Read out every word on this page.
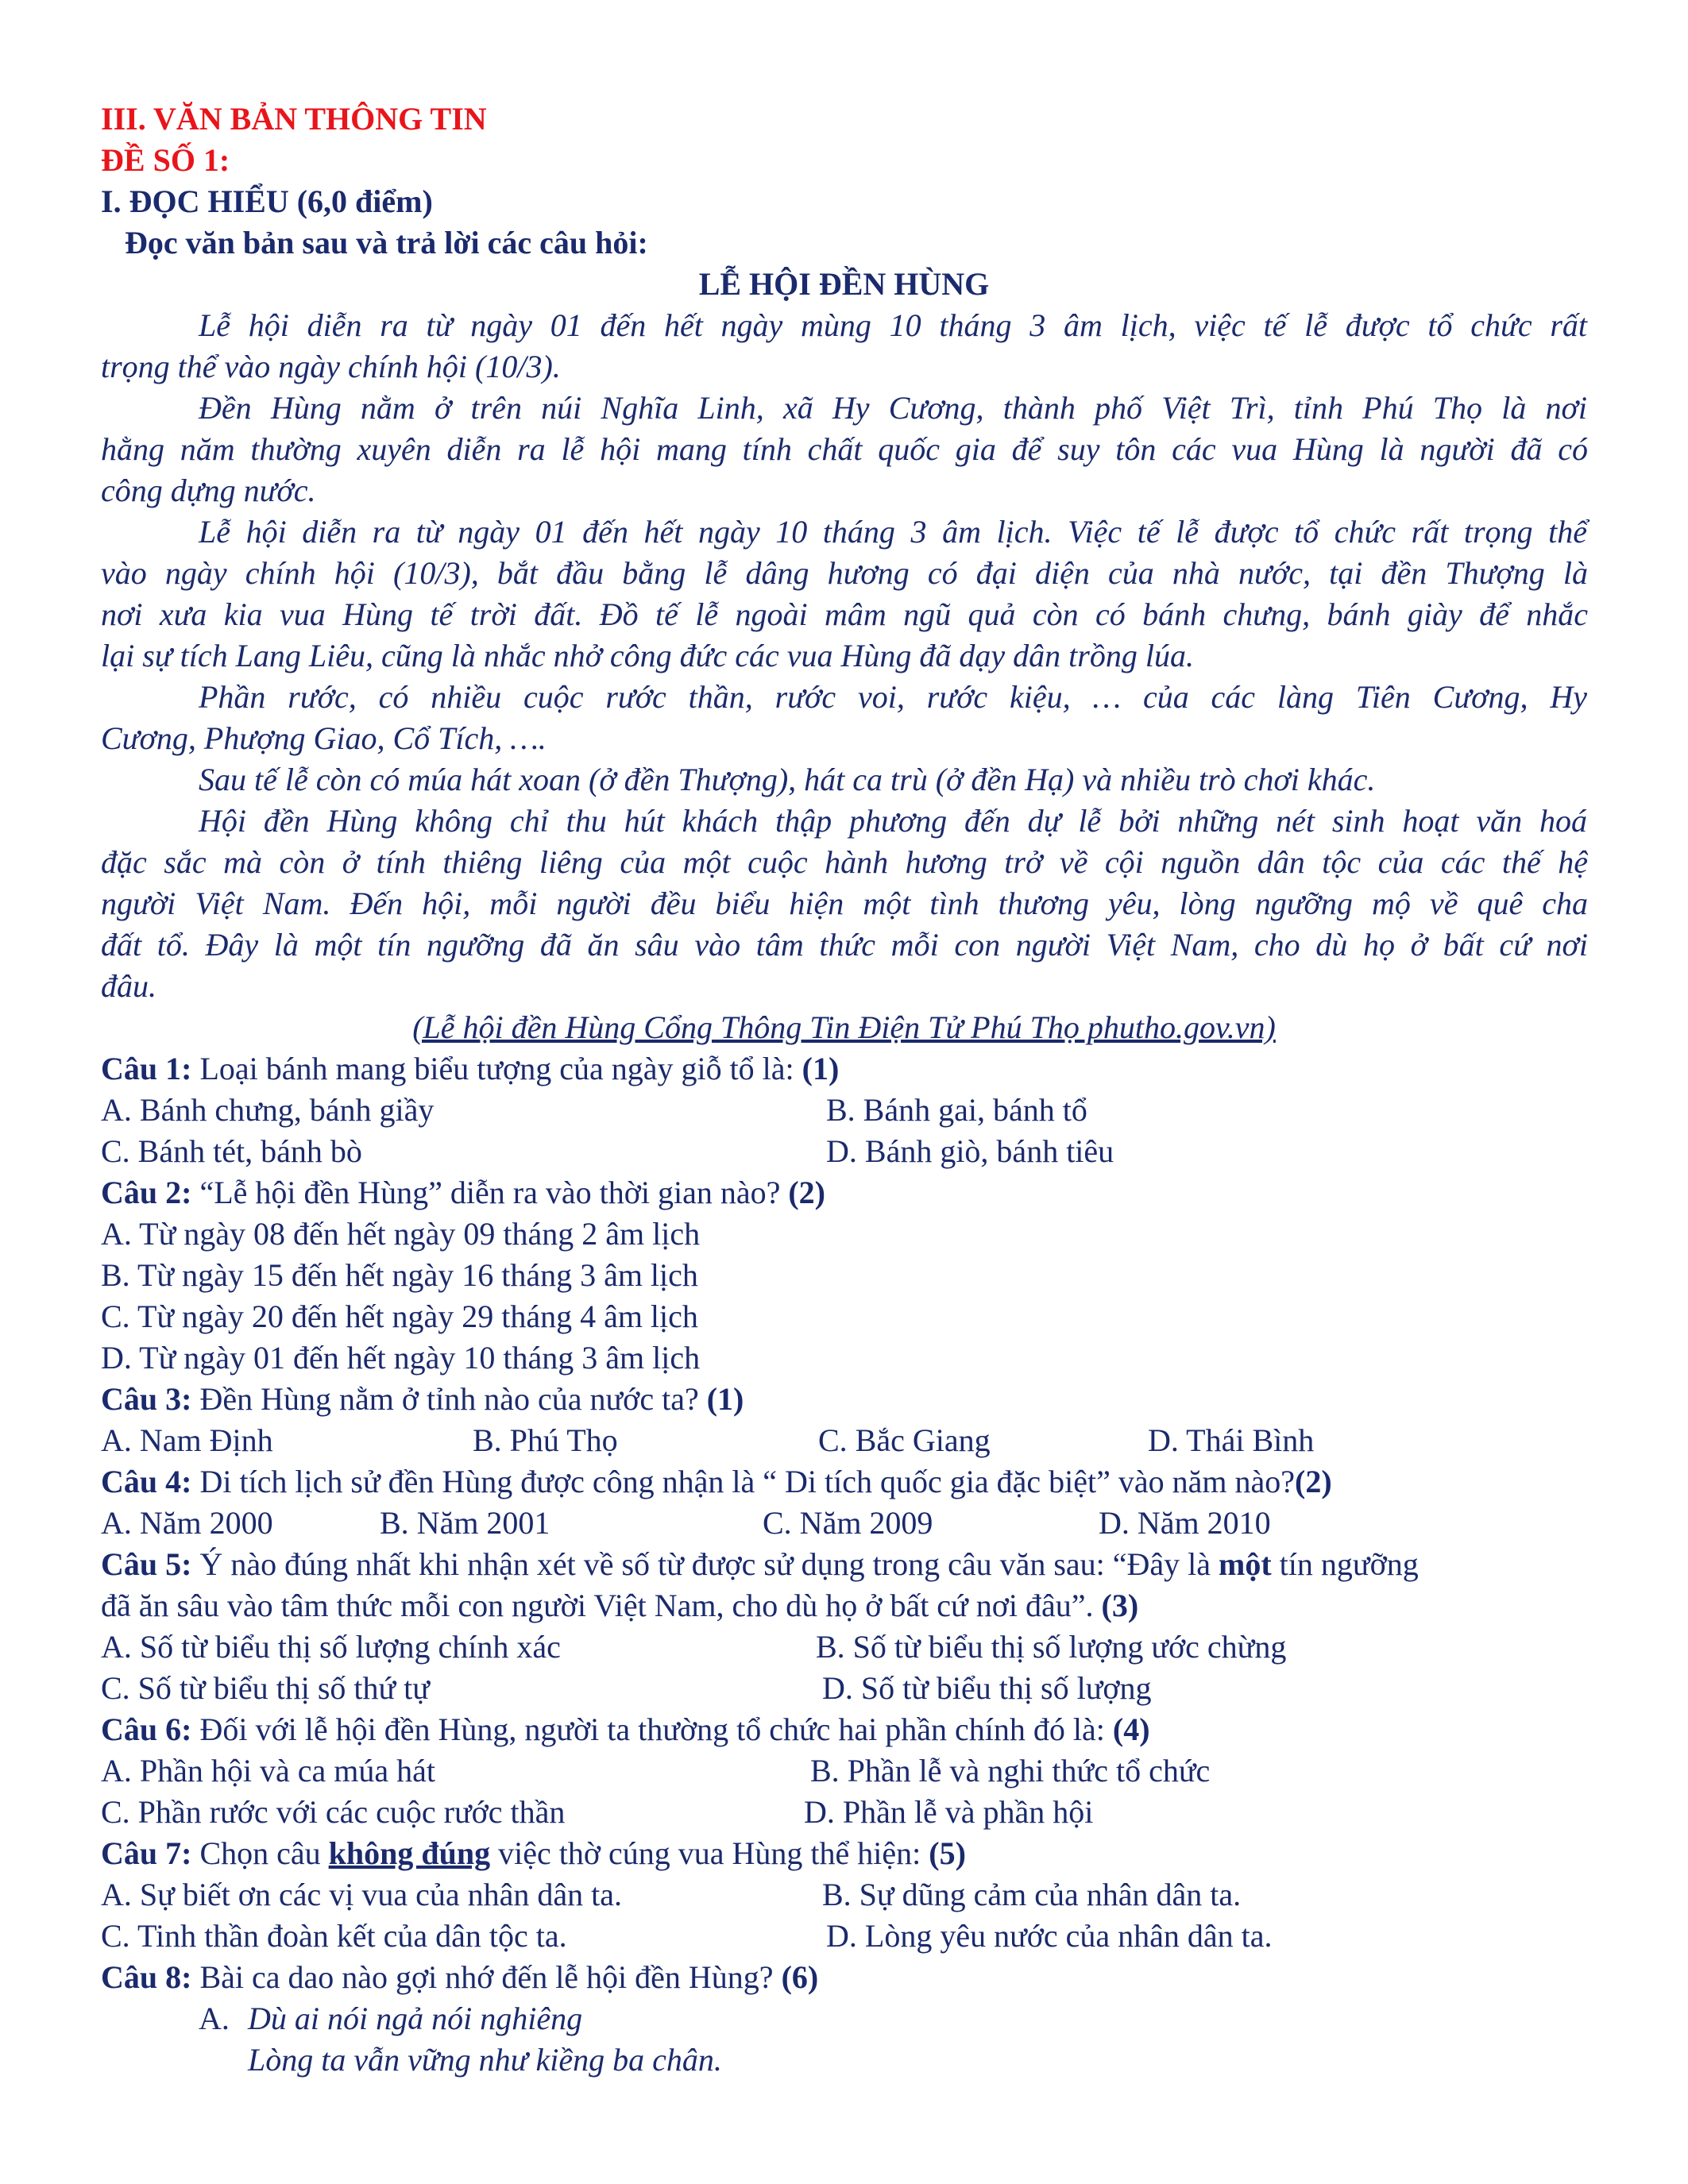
III. VĂN BẢN THÔNG TIN
ĐỀ SỐ 1:
I. ĐỌC HIỂU (6,0 điểm)
Đọc văn bản sau và trả lời các câu hỏi:
LỄ HỘI ĐỀN HÙNG
Lễ hội diễn ra từ ngày 01 đến hết ngày mùng 10 tháng 3 âm lịch, việc tế lễ được tổ chức rất
trọng thể vào ngày chính hội (10/3).
Đền Hùng nằm ở trên núi Nghĩa Linh, xã Hy Cương, thành phố Việt Trì, tỉnh Phú Thọ là nơi
hằng năm thường xuyên diễn ra lễ hội mang tính chất quốc gia để suy tôn các vua Hùng là người đã có
công dựng nước.
Lễ hội diễn ra từ ngày 01 đến hết ngày 10 tháng 3 âm lịch. Việc tế lễ được tổ chức rất trọng thể
vào ngày chính hội (10/3), bắt đầu bằng lễ dâng hương có đại diện của nhà nước, tại đền Thượng là
nơi xưa kia vua Hùng tế trời đất. Đồ tế lễ ngoài mâm ngũ quả còn có bánh chưng, bánh giày để nhắc
lại sự tích Lang Liêu, cũng là nhắc nhở công đức các vua Hùng đã dạy dân trồng lúa.
Phần rước, có nhiều cuộc rước thần, rước voi, rước kiệu, … của các làng Tiên Cương, Hy
Cương, Phượng Giao, Cổ Tích, ….
Sau tế lễ còn có múa hát xoan (ở đền Thượng), hát ca trù (ở đền Hạ) và nhiều trò chơi khác.
Hội đền Hùng không chỉ thu hút khách thập phương đến dự lễ bởi những nét sinh hoạt văn hoá
đặc sắc mà còn ở tính thiêng liêng của một cuộc hành hương trở về cội nguồn dân tộc của các thế hệ
người Việt Nam. Đến hội, mỗi người đều biểu hiện một tình thương yêu, lòng ngưỡng mộ về quê cha
đất tổ. Đây là một tín ngưỡng đã ăn sâu vào tâm thức mỗi con người Việt Nam, cho dù họ ở bất cứ nơi
đâu.
(Lễ hội đền Hùng Cổng Thông Tin Điện Tử Phú Thọ phutho.gov.vn)
Câu 1: Loại bánh mang biểu tượng của ngày giỗ tổ là: (1)
A. Bánh chưng, bánh giầy	B. Bánh gai, bánh tổ
C. Bánh tét, bánh bò	D. Bánh giò, bánh tiêu
Câu 2: “Lễ hội đền Hùng” diễn ra vào thời gian nào? (2)
A. Từ ngày 08 đến hết ngày 09 tháng 2 âm lịch
B. Từ ngày 15 đến hết ngày 16 tháng 3 âm lịch
C. Từ ngày 20 đến hết ngày 29 tháng 4 âm lịch
D. Từ ngày 01 đến hết ngày 10 tháng 3 âm lịch
Câu 3: Đền Hùng nằm ở tỉnh nào của nước ta? (1)
A. Nam Định	B. Phú Thọ	C. Bắc Giang	D. Thái Bình
Câu 4: Di tích lịch sử đền Hùng được công nhận là “ Di tích quốc gia đặc biệt” vào năm nào?(2)
A. Năm 2000	B. Năm 2001	C. Năm 2009	D. Năm 2010
Câu 5: Ý nào đúng nhất khi nhận xét về số từ được sử dụng trong câu văn sau: “Đây là một tín ngưỡng
đã ăn sâu vào tâm thức mỗi con người Việt Nam, cho dù họ ở bất cứ nơi đâu”. (3)
A. Số từ biểu thị số lượng chính xác	B. Số từ biểu thị số lượng ước chừng
C. Số từ biểu thị số thứ tự	D. Số từ biểu thị số lượng
Câu 6: Đối với lễ hội đền Hùng, người ta thường tổ chức hai phần chính đó là: (4)
A. Phần hội và ca múa hát	B. Phần lễ và nghi thức tổ chức
C. Phần rước với các cuộc rước thần	D. Phần lễ và phần hội
Câu 7: Chọn câu không đúng việc thờ cúng vua Hùng thể hiện: (5)
A. Sự biết ơn các vị vua của nhân dân ta.	B. Sự dũng cảm của nhân dân ta.
C. Tinh thần đoàn kết của dân tộc ta.	D. Lòng yêu nước của nhân dân ta.
Câu 8: Bài ca dao nào gợi nhớ đến lễ hội đền Hùng? (6)
A. Dù ai nói ngả nói nghiêng
Lòng ta vẫn vững như kiềng ba chân.
